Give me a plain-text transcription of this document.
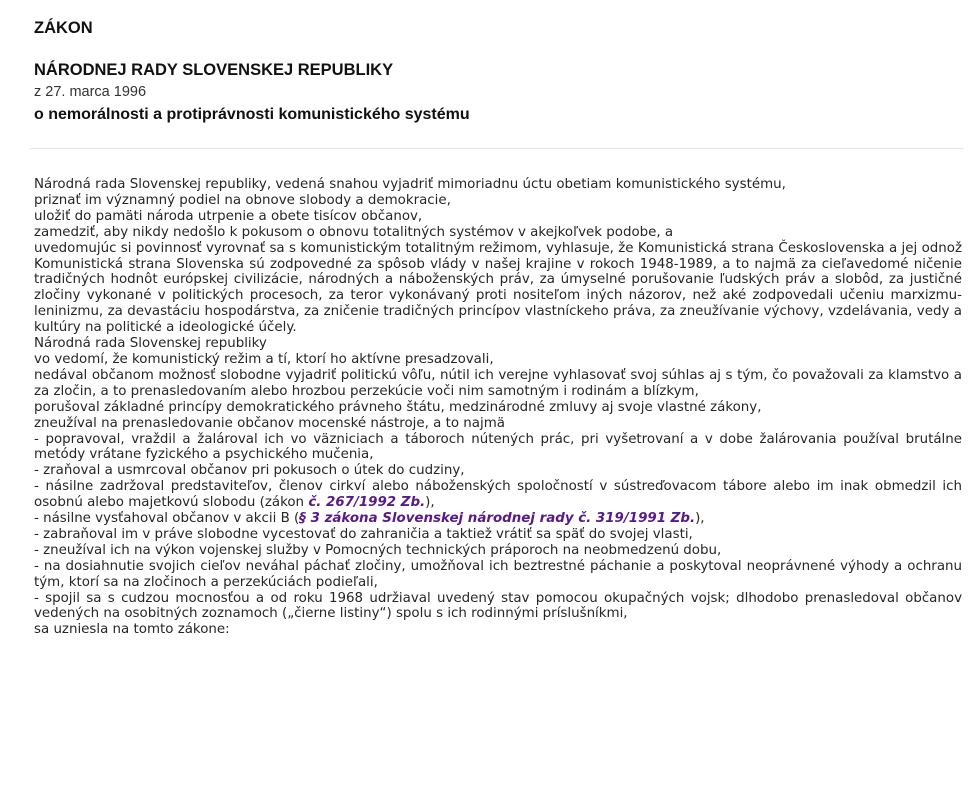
ZÁKON

NÁRODNEJ RADY SLOVENSKEJ REPUBLIKY

z 27. marca 1996

o nemorálnosti a protiprávnosti komunistického systému

Národná rada Slovenskej republiky, vedená snahou vyjadriť mimoriadnu úctu obetiam komunistického systému,

priznať im významný podiel na obnove slobody a demokracie,

uložiť do pamäti národa utrpenie a obete tisícov občanov,

zamedziť, aby nikdy nedošlo k pokusom o obnovu totalitných systémov v akejkoľvek podobe, a

uvedomujúc si povinnosť vyrovnať sa s komunistickým totalitným režimom, vyhlasuje, že Komunistická strana Československa a jej odnož Komunistická strana Slovenska sú zodpovedné za spôsob vlády v našej krajine v rokoch 1948-1989, a to najmä za cieľavedomé ničenie tradičných hodnôt európskej civilizácie, národných a náboženských práv, za úmyselné porušovanie ľudských práv a slobôd, za justičné zločiny vykonané v politických procesoch, za teror vykonávaný proti nositeľom iných názorov, než aké zodpovedali učeniu marxizmu-leninizmu, za devastáciu hospodárstva, za zničenie tradičných princípov vlastníckeho práva, za zneužívanie výchovy, vzdelávania, vedy a kultúry na politické a ideologické účely.

Národná rada Slovenskej republiky

vo vedomí, že komunistický režim a tí, ktorí ho aktívne presadzovali,

nedával občanom možnosť slobodne vyjadriť politickú vôľu, nútil ich verejne vyhlasovať svoj súhlas aj s tým, čo považovali za klamstvo a za zločin, a to prenasledovaním alebo hrozbou perzekúcie voči nim samotným i rodinám a blízkym,

porušoval základné princípy demokratického právneho štátu, medzinárodné zmluvy aj svoje vlastné zákony,

zneužíval na prenasledovanie občanov mocenské nástroje, a to najmä

- popravoval, vraždil a žalároval ich vo väzniciach a táboroch nútených prác, pri vyšetrovaní a v dobe žalárovania používal brutálne metódy vrátane fyzického a psychického mučenia,

- zraňoval a usmrcoval občanov pri pokusoch o útek do cudziny,

- násilne zadržoval predstaviteľov, členov cirkví alebo náboženských spoločností v sústreďovacom tábore alebo im inak obmedzil ich osobnú alebo majetkovú slobodu (zákon č. 267/1992 Zb.),

- násilne vysťahoval občanov v akcii B (§ 3 zákona Slovenskej národnej rady č. 319/1991 Zb.),

- zabraňoval im v práve slobodne vycestovať do zahraničia a taktiež vrátiť sa späť do svojej vlasti,

- zneužíval ich na výkon vojenskej služby v Pomocných technických práporoch na neobmedzenú dobu,

- na dosiahnutie svojich cieľov neváhal páchať zločiny, umožňoval ich beztrestné páchanie a poskytoval neoprávnené výhody a ochranu tým, ktorí sa na zločinoch a perzekúciách podieľali,

- spojil sa s cudzou mocnosťou a od roku 1968 udržiaval uvedený stav pomocou okupačných vojsk; dlhodobo prenasledoval občanov vedených na osobitných zoznamoch („čierne listiny“) spolu s ich rodinnými príslušníkmi,

sa uzniesla na tomto zákone:
